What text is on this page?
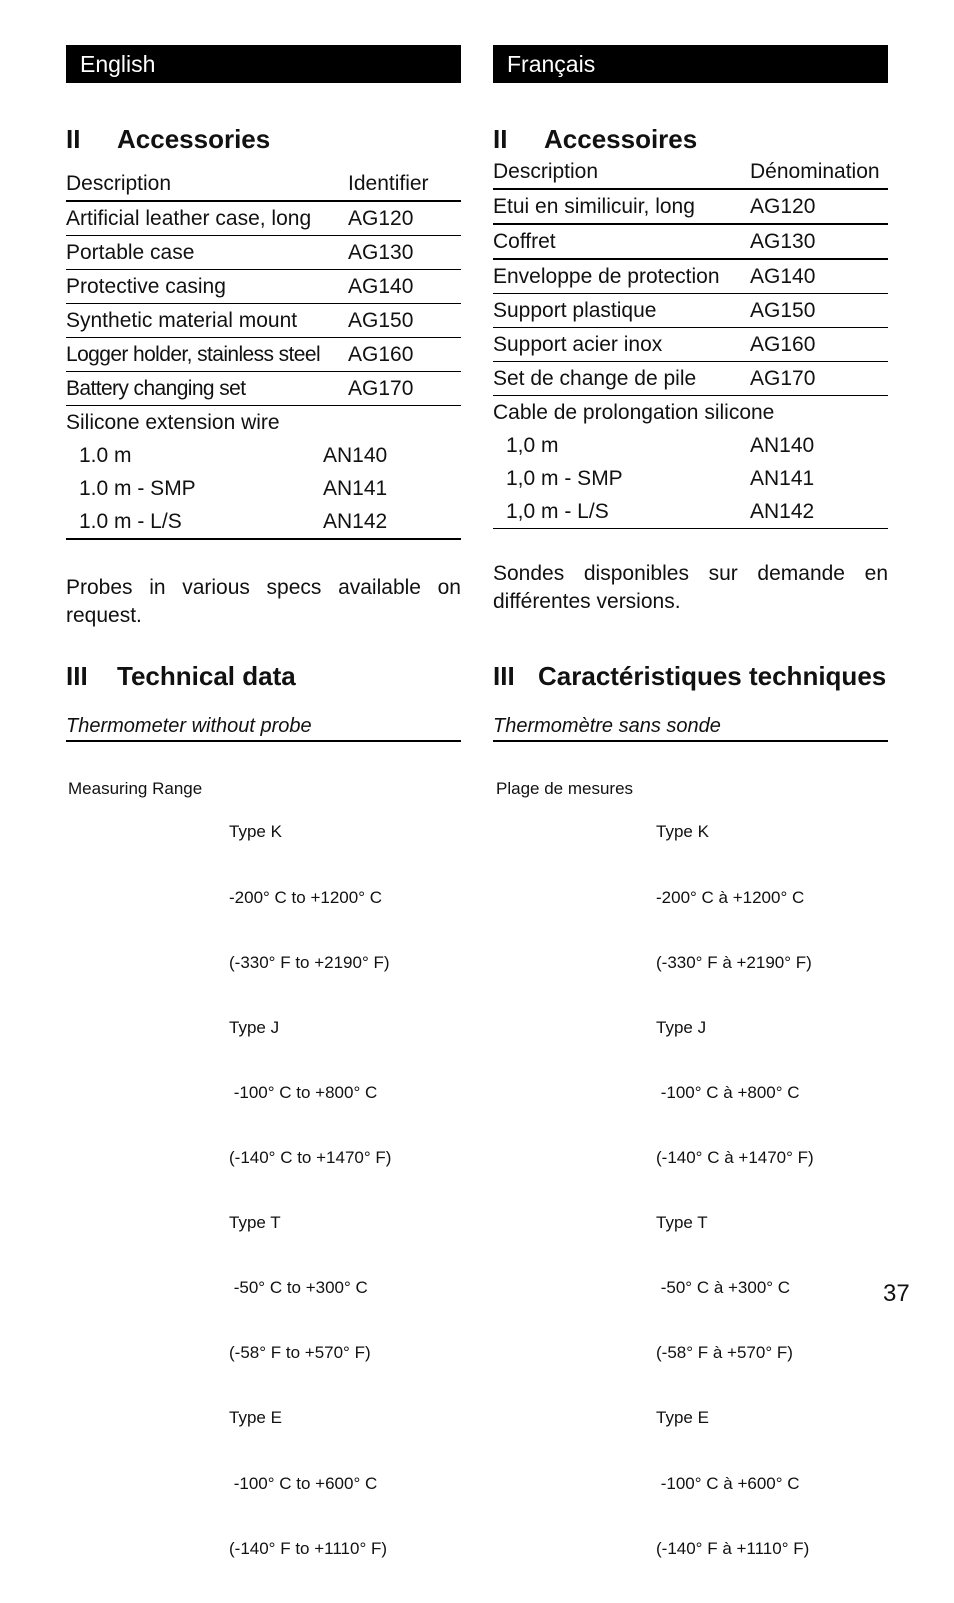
English
II Accessories
Description	Identifier
Artificial leather case, long AG120
Portable case	AG130
Protective casing	AG140
Synthetic material mount AG150
Logger holder, stainless steel AG160
Battery changing set	AG170
Silicone extension wire
1.0 m	AN140
1.0 m - SMP	AN141
1.0 m - L/S	AN142
Probes in various specs available on request.
III Technical data
Thermometer without probe
Measuring Range

Type K

-200° C to +1200° C

(-330° F to +2190° F)

Type J

-100° C to +800° C

(-140° C to +1470° F)

Type T

-50° C to +300° C

(-58° F to +570° F)

Type E

-100° C to +600° C

(-140° F to +1110° F)

Français
II Accessoires
Description	Dénomination
Etui en similicuir, long	AG120
Coffret	AG130
Enveloppe de protection AG140
Support plastique	AG150
Support acier inox	AG160
Set de change de pile	AG170
Cable de prolongation silicone
1,0 m	AN140
1,0 m - SMP	AN141
1,0 m - L/S	AN142
Sondes disponibles sur demande en différentes versions.
III Caractéristiques techniques
Thermomètre sans sonde
Plage de mesures

Type K

-200° C à +1200° C

(-330° F à +2190° F)

Type J

-100° C à +800° C

(-140° C à +1470° F)

Type T

-50° C à +300° C

(-58° F à +570° F)

Type E

-100° C à +600° C

(-140° F à +1110° F)

37
